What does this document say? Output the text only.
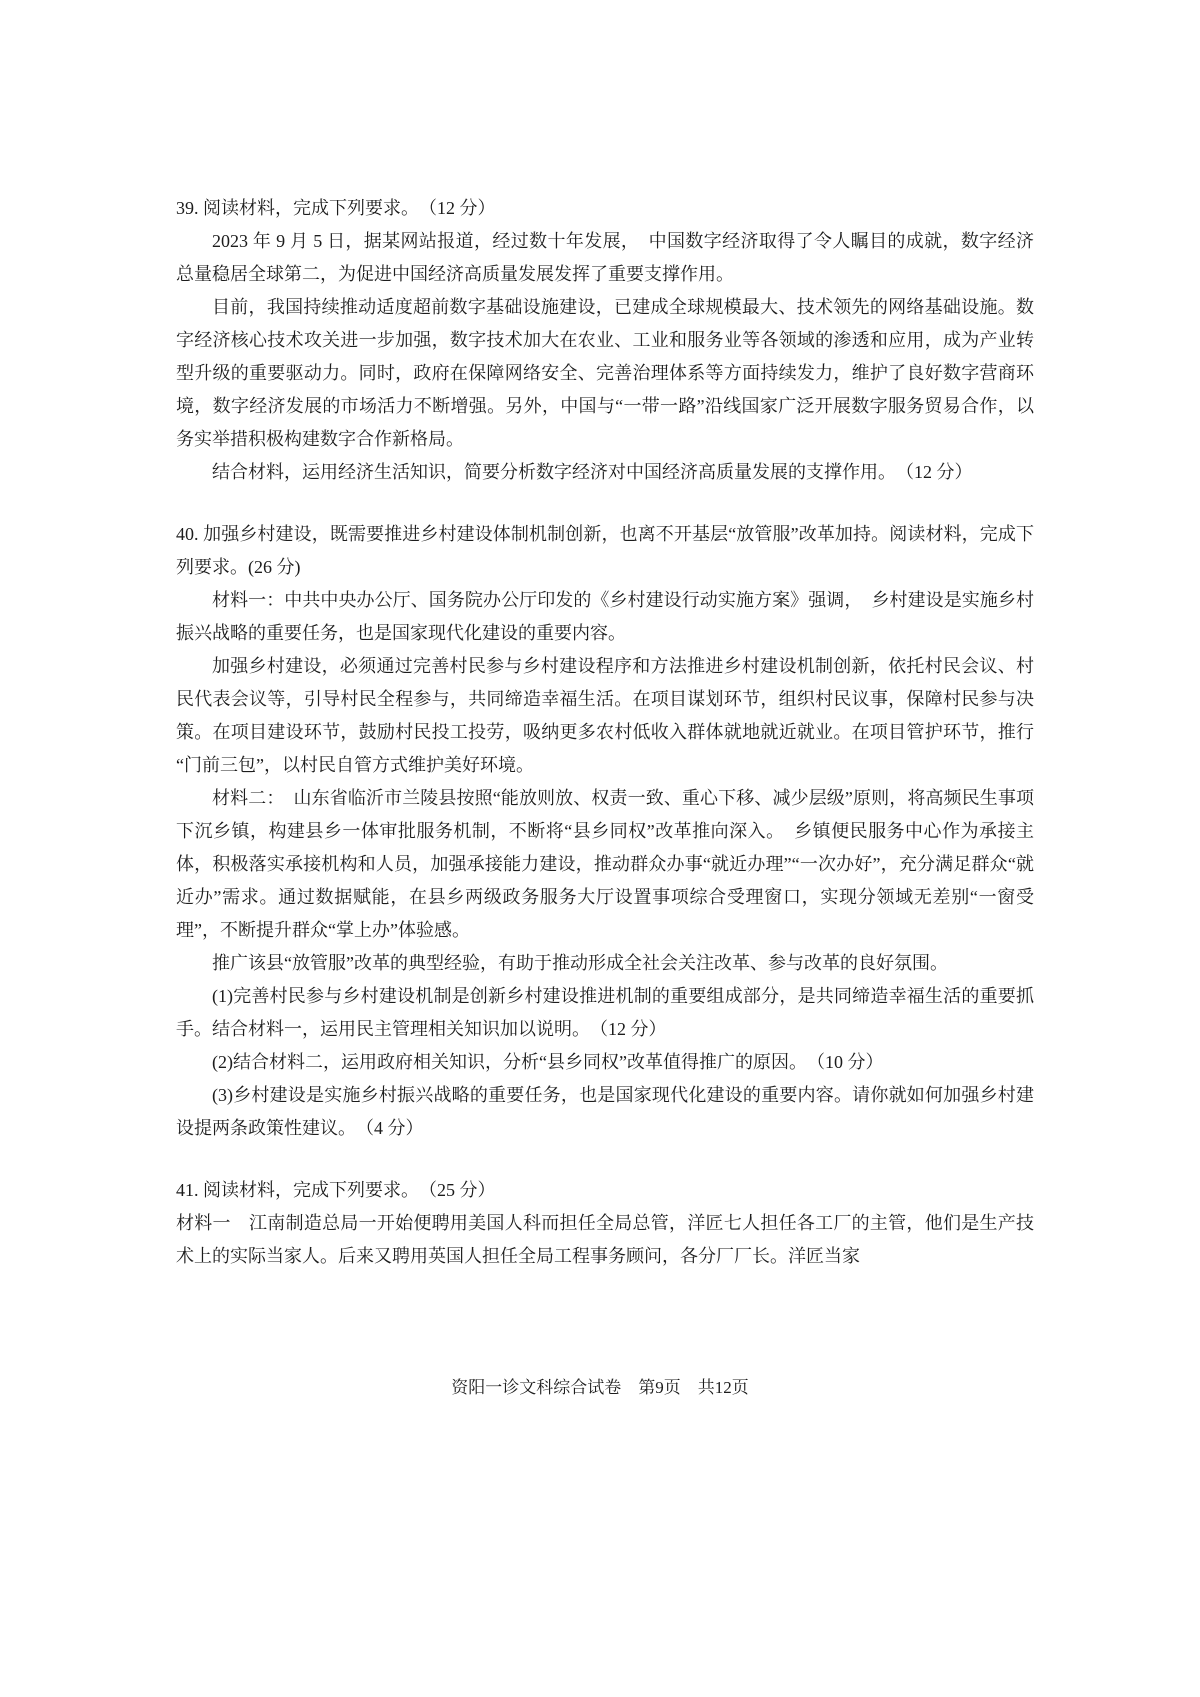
39. 阅读材料，完成下列要求。　（12 分）

2023 年 9 月 5 日，据某网站报道，经过数十年发展，　中国数字经济取得了令人瞩目的成就，数字经济总量稳居全球第二，为促进中国经济高质量发展发挥了重要支撑作用。

目前，我国持续推动适度超前数字基础设施建设，已建成全球规模最大、技术领先的网络基础设施。数字经济核心技术攻关进一步加强，数字技术加大在农业、工业和服务业等各领域的渗透和应用，成为产业转型升级的重要驱动力。同时，政府在保障网络安全、完善治理体系等方面持续发力，维护了良好数字营商环境，数字经济发展的市场活力不断增强。另外，中国与“一带一路”沿线国家广泛开展数字服务贸易合作，以务实举措积极构建数字合作新格局。

结合材料，运用经济生活知识，简要分析数字经济对中国经济高质量发展的支撑作用。　（12 分）

40. 加强乡村建设，既需要推进乡村建设体制机制创新，也离不开基层“放管服”改革加持。阅读材料，完成下列要求。(26 分)

材料一：中共中央办公厅、国务院办公厅印发的《乡村建设行动实施方案》强调，　乡村建设是实施乡村振兴战略的重要任务，也是国家现代化建设的重要内容。

加强乡村建设，必须通过完善村民参与乡村建设程序和方法推进乡村建设机制创新，依托村民会议、村民代表会议等，引导村民全程参与，共同缔造幸福生活。在项目谋划环节，组织村民议事，保障村民参与决策。在项目建设环节，鼓励村民投工投劳，吸纳更多农村低收入群体就地就近就业。在项目管护环节，推行“门前三包”，以村民自管方式维护美好环境。

材料二：　山东省临沂市兰陵县按照“能放则放、权责一致、重心下移、减少层级”原则，将高频民生事项下沉乡镇，构建县乡一体审批服务机制，不断将“县乡同权”改革推向深入。　乡镇便民服务中心作为承接主体，积极落实承接机构和人员，加强承接能力建设，推动群众办事“就近办理”“一次办好”，充分满足群众“就近办”需求。通过数据赋能，在县乡两级政务服务大厅设置事项综合受理窗口，实现分领域无差别“一窗受理”，不断提升群众“掌上办”体验感。

推广该县“放管服”改革的典型经验，有助于推动形成全社会关注改革、参与改革的良好氛围。

(1)完善村民参与乡村建设机制是创新乡村建设推进机制的重要组成部分，是共同缔造幸福生活的重要抓手。结合材料一，运用民主管理相关知识加以说明。　（12 分）

(2)结合材料二，运用政府相关知识，分析“县乡同权”改革值得推广的原因。　（10 分）

(3)乡村建设是实施乡村振兴战略的重要任务，也是国家现代化建设的重要内容。请你就如何加强乡村建设提两条政策性建议。　（4 分）

41. 阅读材料，完成下列要求。　（25 分）

材料一　江南制造总局一开始便聘用美国人科而担任全局总管，洋匠七人担任各工厂的主管，他们是生产技术上的实际当家人。后来又聘用英国人担任全局工程事务顾问，各分厂厂长。洋匠当家

资阳一诊文科综合试卷　第9页　共12页
